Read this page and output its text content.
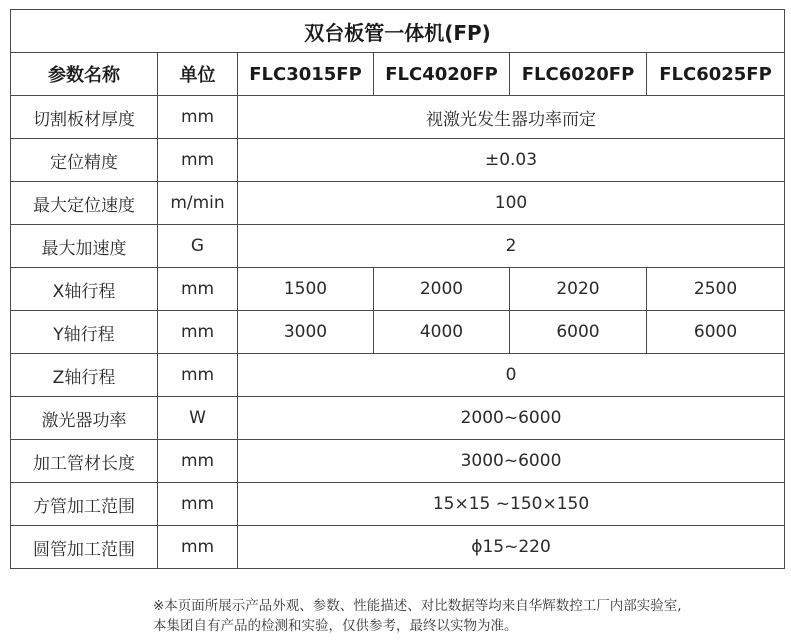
双台板管一体机(FP)					
参数名称	单位	FLC3015FP	FLC4020FP	FLC6020FP	FLC6025FP
切割板材厚度	mm	视激光发生器功率而定			
定位精度	mm	±0.03			
最大定位速度	m/min	100			
最大加速度	G	2			
X轴行程	mm	1500	2000	2020	2500
Y轴行程	mm	3000	4000	6000	6000
Z轴行程	mm	0			
激光器功率	W	2000~6000			
加工管材长度	mm	3000~6000			
方管加工范围	mm	15×15 ~150×150			
圆管加工范围	mm	ϕ15~220			
※本页面所展示产品外观、参数、性能描述、对比数据等均来自华辉数控工厂内部实验室,
本集团自有产品的检测和实验，仅供参考，最终以实物为准。
